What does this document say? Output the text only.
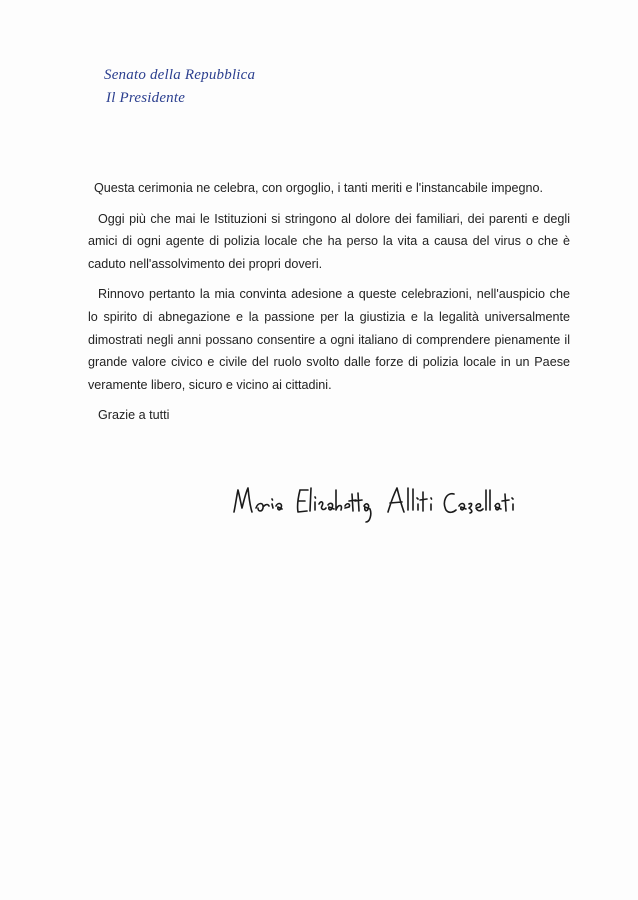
Senato della Repubblica
Il Presidente

Questa cerimonia ne celebra, con orgoglio, i tanti meriti e l'instancabile impegno.

Oggi più che mai le Istituzioni si stringono al dolore dei familiari, dei parenti e degli amici di ogni agente di polizia locale che ha perso la vita a causa del virus o che è caduto nell'assolvimento dei propri doveri.

Rinnovo pertanto la mia convinta adesione a queste celebrazioni, nell'auspicio che lo spirito di abnegazione e la passione per la giustizia e la legalità universalmente dimostrati negli anni possano consentire a ogni italiano di comprendere pienamente il grande valore civico e civile del ruolo svolto dalle forze di polizia locale in un Paese veramente libero, sicuro e vicino ai cittadini.

Grazie a tutti
